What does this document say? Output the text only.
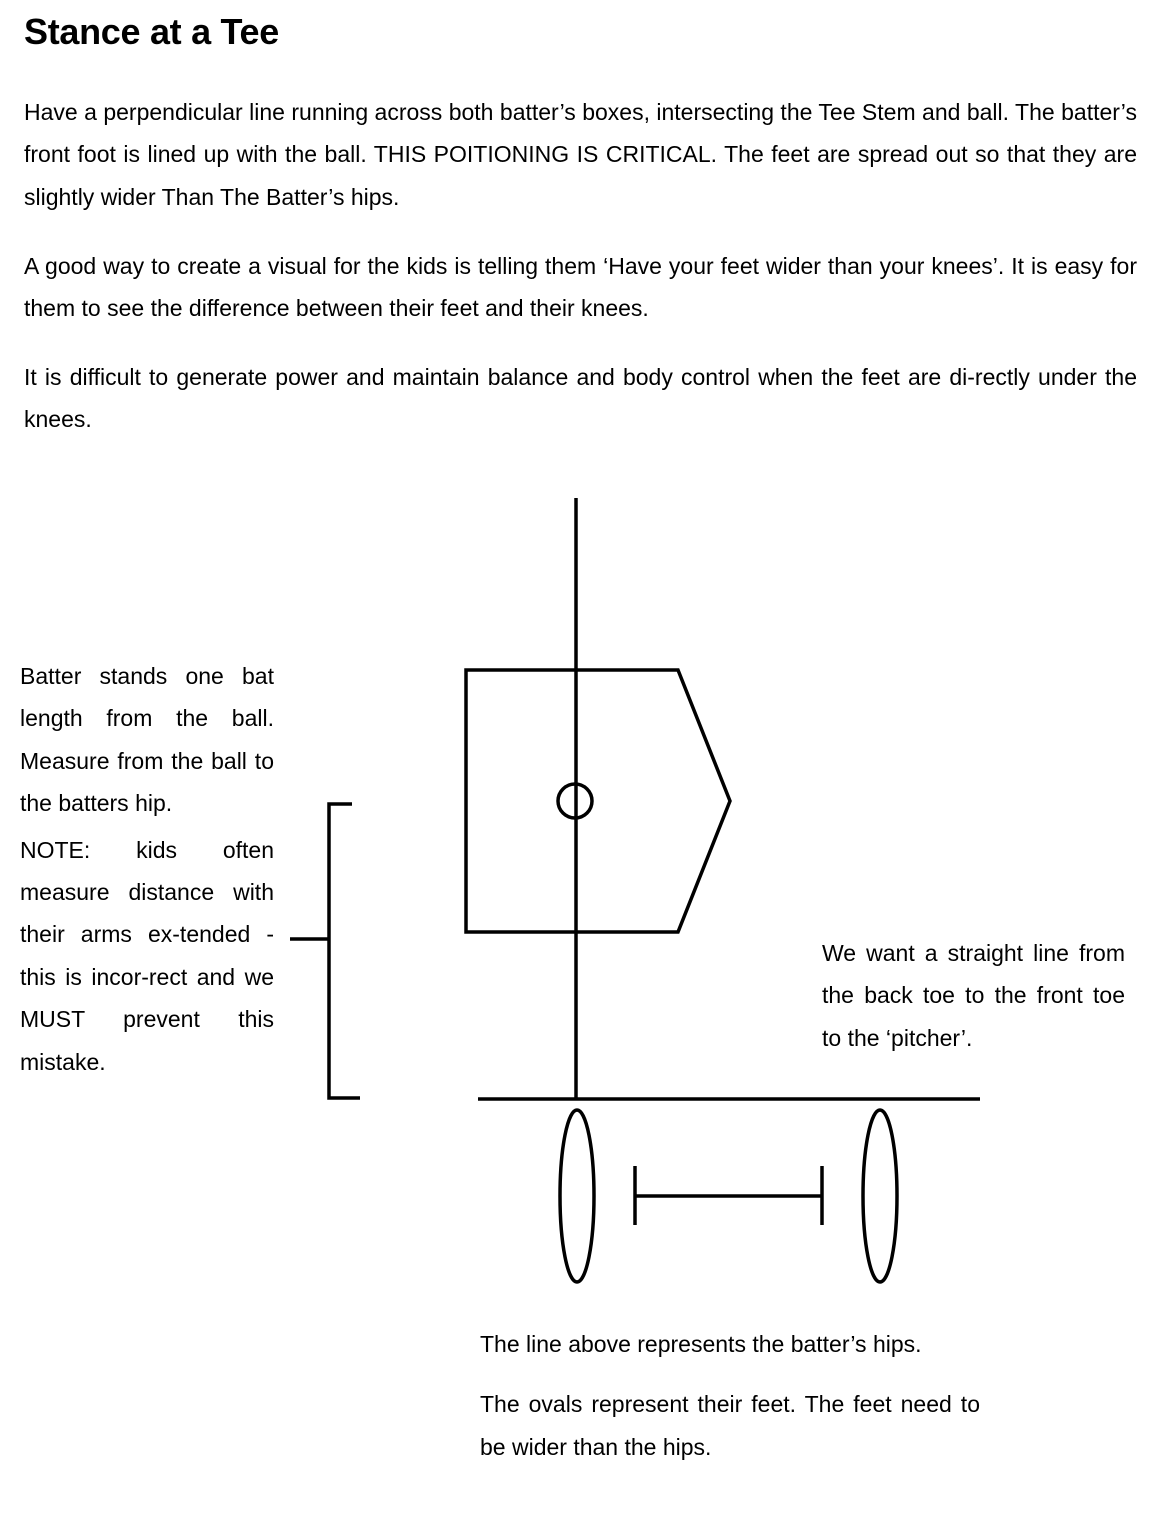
Stance at a Tee

Have a perpendicular line running across both batter’s boxes, intersecting the Tee Stem and ball. The batter’s front foot is lined up with the ball. THIS POITIONING IS CRITICAL. The feet are spread out so that they are slightly wider Than The Batter’s hips.

A good way to create a visual for the kids is telling them ‘Have your feet wider than your knees’. It is easy for them to see the difference between their feet and their knees.

It is difficult to generate power and maintain balance and body control when the feet are di-rectly under the knees.

Batter stands one bat length from the ball. Measure from the ball to the batters hip.

NOTE: kids often measure distance with their arms ex-tended - this is incor-rect and we MUST prevent this mistake.

We want a straight line from the back toe to the front toe to the ‘pitcher’.

The line above represents the batter’s hips.

The ovals represent their feet. The feet need to be wider than the hips.
